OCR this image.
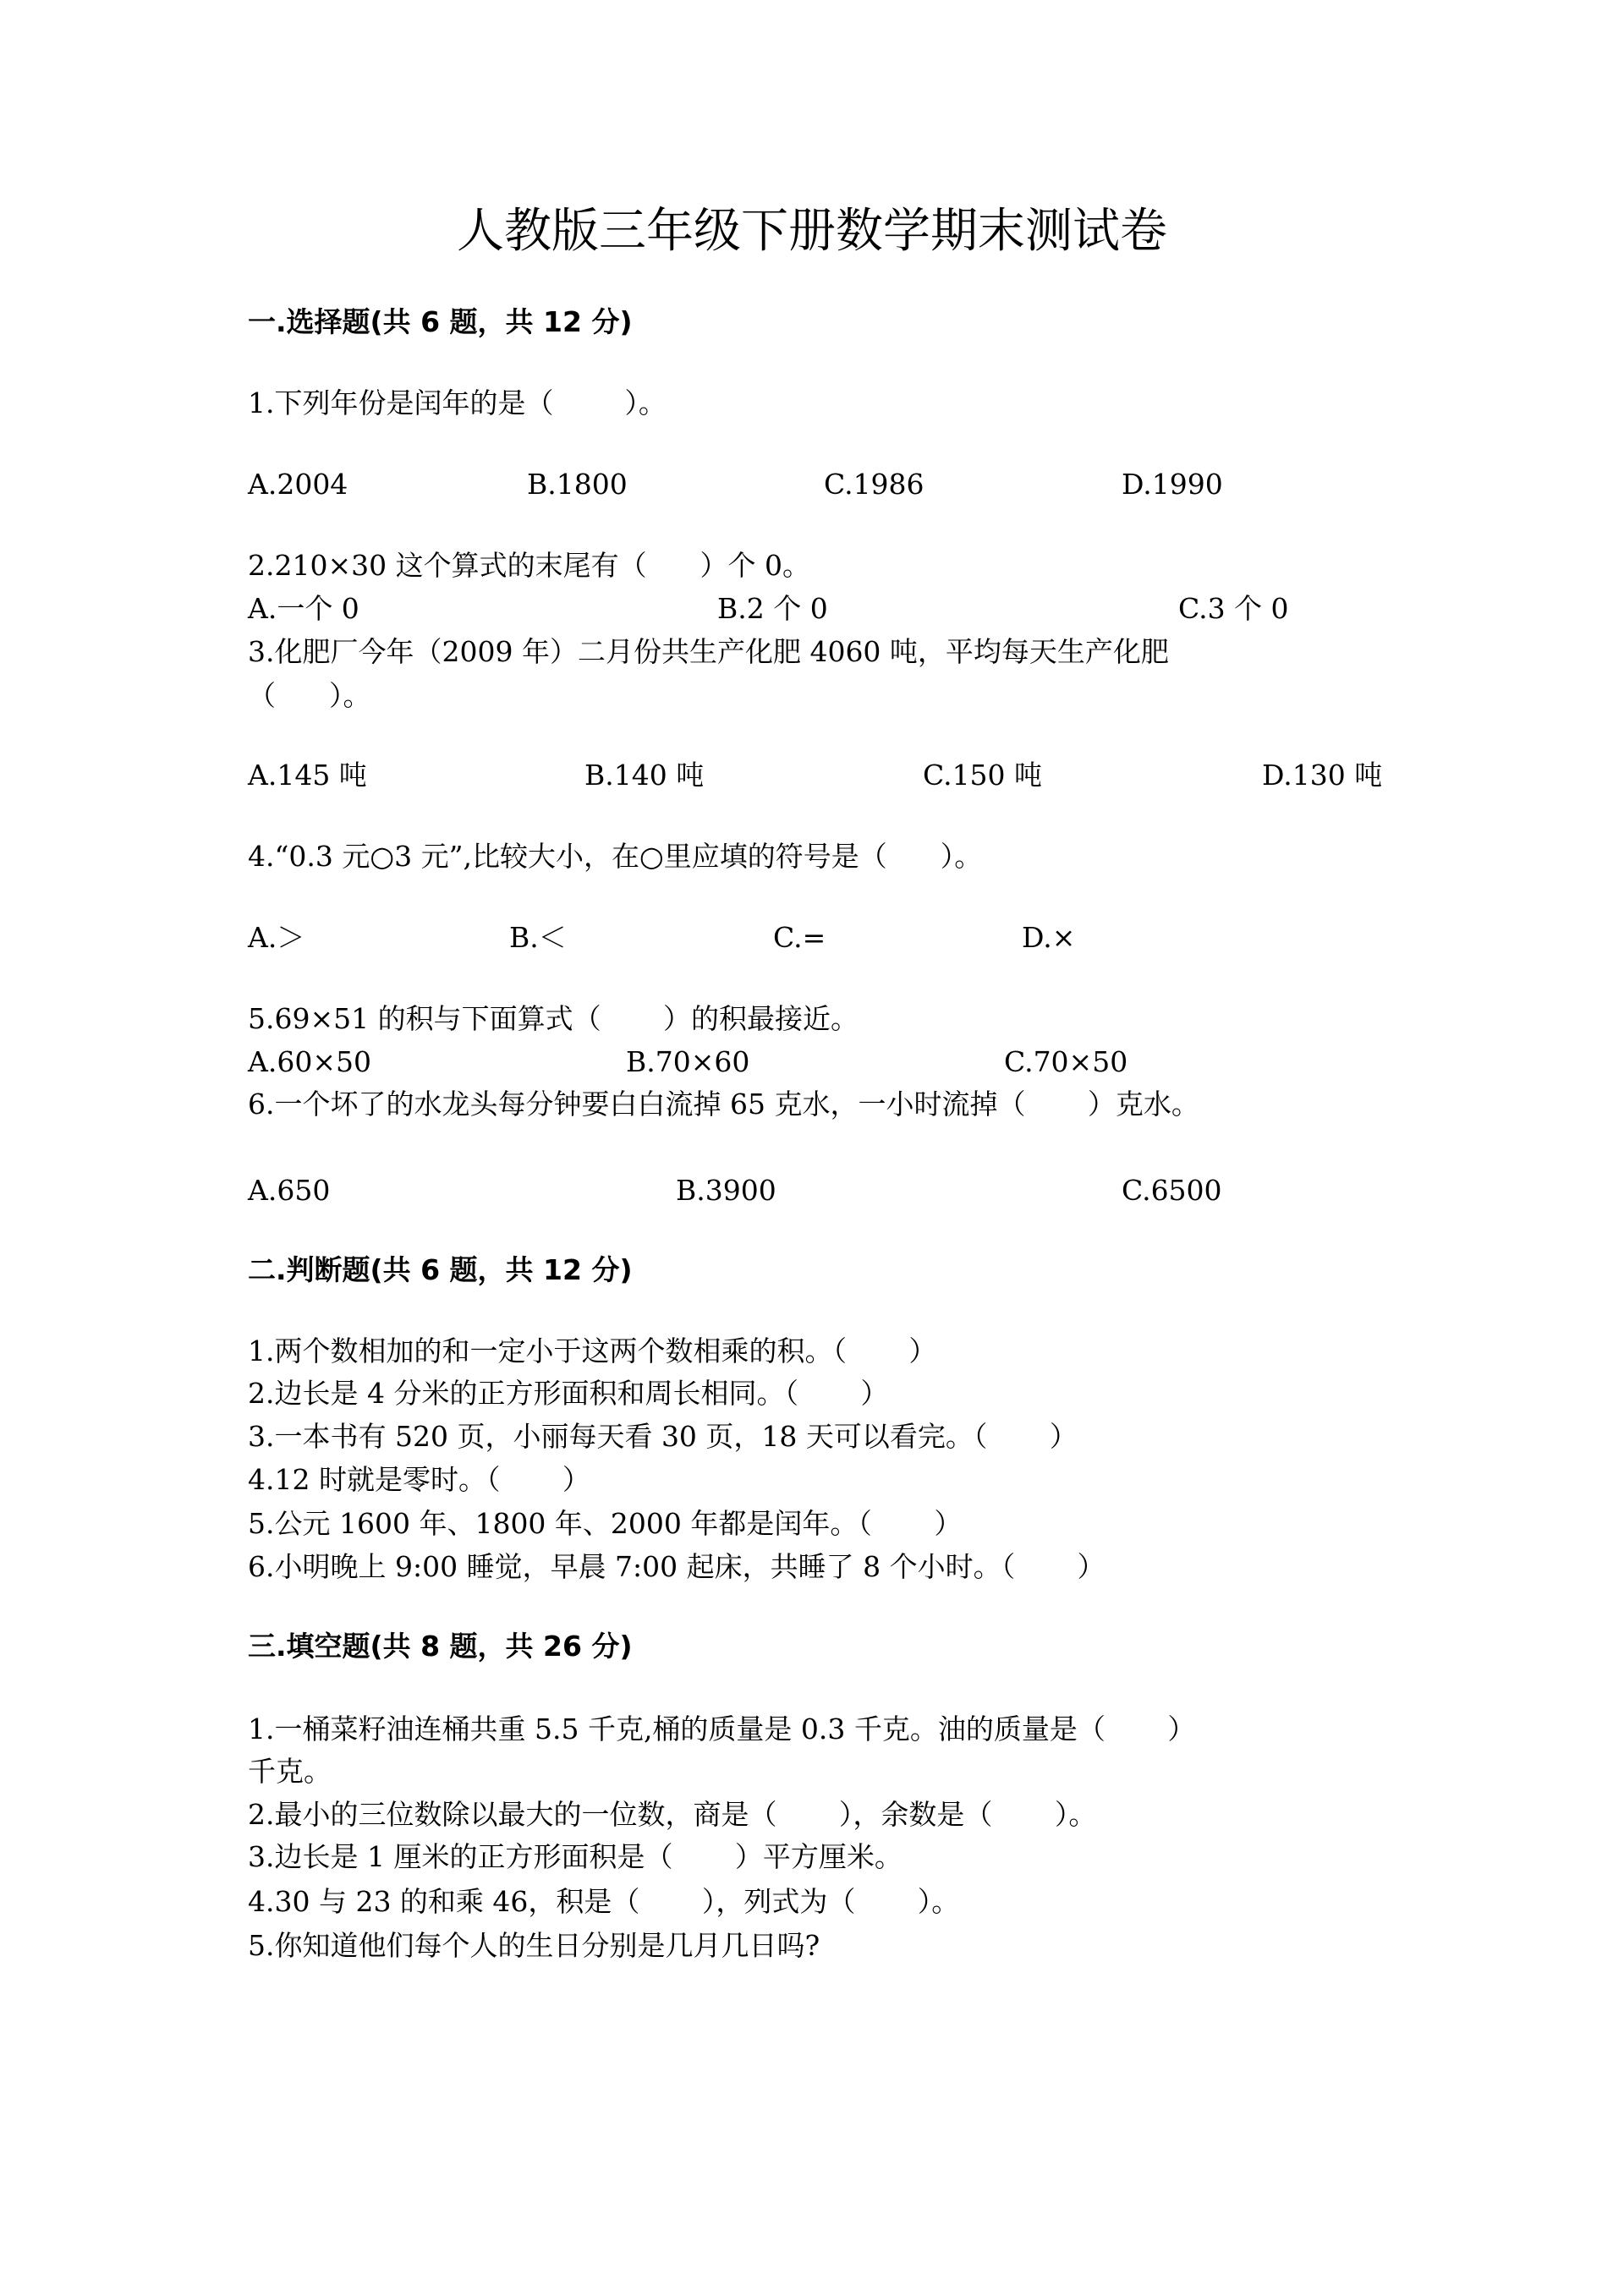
人教版三年级下册数学期末测试卷
一.选择题(共 6 题，共 12 分)
1.下列年份是闰年的是（        ）。
A.2004	B.1800	C.1986	D.1990
2.210×30 这个算式的末尾有（      ）个 0。
A.一个 0	B.2 个 0	C.3 个 0
3.化肥厂今年（2009 年）二月份共生产化肥 4060 吨，平均每天生产化肥
（      ）。
A.145 吨	B.140 吨	C.150 吨	D.130 吨
4.“0.3 元○3 元”,比较大小，在○里应填的符号是（      ）。
A.＞	B.＜	C.=	D.×
5.69×51 的积与下面算式（       ）的积最接近。
A.60×50	B.70×60	C.70×50
6.一个坏了的水龙头每分钟要白白流掉 65 克水，一小时流掉（       ）克水。
A.650	B.3900	C.6500
二.判断题(共 6 题，共 12 分)
1.两个数相加的和一定小于这两个数相乘的积。（       ）
2.边长是 4 分米的正方形面积和周长相同。（       ）
3.一本书有 520 页，小丽每天看 30 页，18 天可以看完。（       ）
4.12 时就是零时。（       ）
5.公元 1600 年、1800 年、2000 年都是闰年。（       ）
6.小明晚上 9:00 睡觉，早晨 7:00 起床，共睡了 8 个小时。（       ）
三.填空题(共 8 题，共 26 分)
1.一桶菜籽油连桶共重 5.5 千克,桶的质量是 0.3 千克。油的质量是（       ）
千克。
2.最小的三位数除以最大的一位数，商是（       ），余数是（       ）。
3.边长是 1 厘米的正方形面积是（       ）平方厘米。
4.30 与 23 的和乘 46，积是（       ），列式为（       ）。
5.你知道他们每个人的生日分别是几月几日吗?
